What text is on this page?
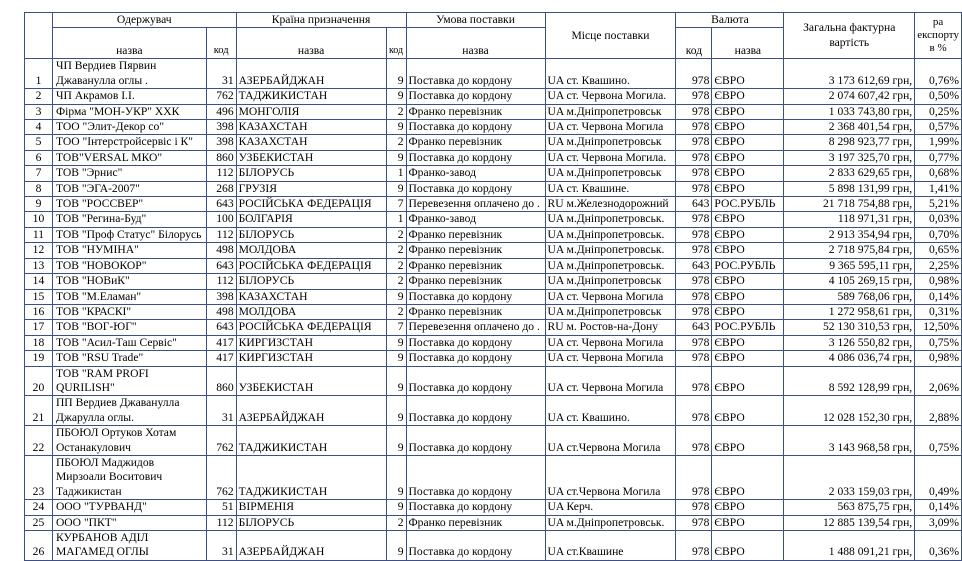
	Одержувач		Країна призначення		Умова поставки	Місце поставки	Валюта		Загальна фактурна вартість	ра експорту в %
	назва	код	назва	код	назва		код	назва		
1	ЧП Вердиев Пярвин Джаванулла оглы .	31	АЗЕРБАЙДЖАН	9	Поставка до кордону	UA ст. Квашино.	978	ЄВРО	3 173 612,69 грн,	0,76%
2	ЧП Акрамов І.І.	762	ТАДЖИКИСТАН	9	Поставка до кордону	UA ст. Червона Могила.	978	ЄВРО	2 074 607,42 грн,	0,50%
3	Фірма "МОН-УКР" ХХК	496	МОНГОЛІЯ	2	Франко перевізник	UA м.Дніпропетровськ	978	ЄВРО	1 033 743,80 грн,	0,25%
4	ТОО "Элит-Декор со"	398	КАЗАХСТАН	9	Поставка до кордону	UA ст. Червона Могила	978	ЄВРО	2 368 401,54 грн,	0,57%
5	ТОО "Інтерстройсервіс і К"	398	КАЗАХСТАН	2	Франко перевізник	UA м.Дніпропетровськ	978	ЄВРО	8 298 923,77 грн,	1,99%
6	ТОВ"VERSAL МКО"	860	УЗБЕКИСТАН	9	Поставка до кордону	UA ст. Червона Могила.	978	ЄВРО	3 197 325,70 грн,	0,77%
7	ТОВ "Эрнис"	112	БІЛОРУСЬ	1	Франко-завод	UA м.Дніпропетровськ	978	ЄВРО	2 833 629,65 грн,	0,68%
8	ТОВ "ЭГА-2007"	268	ГРУЗІЯ	9	Поставка до кордону	UA ст. Квашине.	978	ЄВРО	5 898 131,99 грн,	1,41%
9	ТОВ "РОССВЕР"	643	РОСІЙСЬКА ФЕДЕРАЦІЯ	7	Перевезення оплачено до .	RU м.Железнодорожний	643	РОС.РУБЛЬ	21 718 754,88 грн,	5,21%
10	ТОВ "Регина-Буд"	100	БОЛГАРІЯ	1	Франко-завод	UA м.Дніпропетровськ.	978	ЄВРО	118 971,31 грн,	0,03%
11	ТОВ "Проф Статус" Білорусь	112	БІЛОРУСЬ	2	Франко перевізник	UA м.Дніпропетровськ.	978	ЄВРО	2 913 354,94 грн,	0,70%
12	ТОВ "НУМІНА"	498	МОЛДОВА	2	Франко перевізник	UA м.Дніпропетровськ.	978	ЄВРО	2 718 975,84 грн,	0,65%
13	ТОВ "НОВОКОР"	643	РОСІЙСЬКА ФЕДЕРАЦІЯ	2	Франко перевізник	UA м.Дніпропетровськ.	643	РОС.РУБЛЬ	9 365 595,11 грн,	2,25%
14	ТОВ "НОВиК"	112	БІЛОРУСЬ	2	Франко перевізник	UA м.Дніпропетровськ	978	ЄВРО	4 105 269,15 грн,	0,98%
15	ТОВ "М.Еламан"	398	КАЗАХСТАН	9	Поставка до кордону	UA ст. Червона Могила	978	ЄВРО	589 768,06 грн,	0,14%
16	ТОВ "КРАСКІ"	498	МОЛДОВА	2	Франко перевізник	UA м.Дніпропетровськ	978	ЄВРО	1 272 958,61 грн,	0,31%
17	ТОВ "ВОГ-ЮГ"	643	РОСІЙСЬКА ФЕДЕРАЦІЯ	7	Перевезення оплачено до .	RU м. Ростов-на-Дону	643	РОС.РУБЛЬ	52 130 310,53 грн,	12,50%
18	ТОВ "Асил-Таш Сервіс"	417	КИРГИЗСТАН	9	Поставка до кордону	UA ст. Червона Могила	978	ЄВРО	3 126 550,82 грн,	0,75%
19	ТОВ "RSU Trade"	417	КИРГИЗСТАН	9	Поставка до кордону	UA ст. Червона Могила	978	ЄВРО	4 086 036,74 грн,	0,98%
20	ТОВ "RAM PROFI QURILISH"	860	УЗБЕКИСТАН	9	Поставка до кордону	UA ст. Червона Могила	978	ЄВРО	8 592 128,99 грн,	2,06%
21	ПП Вердиев Джаванулла Джарулла оглы.	31	АЗЕРБАЙДЖАН	9	Поставка до кордону	UA ст. Квашино.	978	ЄВРО	12 028 152,30 грн,	2,88%
22	ПБОЮЛ Ортуков Хотам Останакулович	762	ТАДЖИКИСТАН	9	Поставка до кордону	UA ст.Червона Могила	978	ЄВРО	3 143 968,58 грн,	0,75%
23	ПБОЮЛ Маджидов Мирзоали Воситович Таджикистан	762	ТАДЖИКИСТАН	9	Поставка до кордону	UA ст.Червона Могила	978	ЄВРО	2 033 159,03 грн,	0,49%
24	ООО "ТУРВАНД"	51	ВІРМЕНІЯ	9	Поставка до кордону	UA Керч.	978	ЄВРО	563 875,75 грн,	0,14%
25	ООО "ПКТ"	112	БІЛОРУСЬ	2	Франко перевізник	UA м.Дніпропетровськ.	978	ЄВРО	12 885 139,54 грн,	3,09%
26	КУРБАНОВ АДІЛ МАГАМЕД ОГЛЫ	31	АЗЕРБАЙДЖАН	9	Поставка до кордону	UA ст.Квашине	978	ЄВРО	1 488 091,21 грн,	0,36%
